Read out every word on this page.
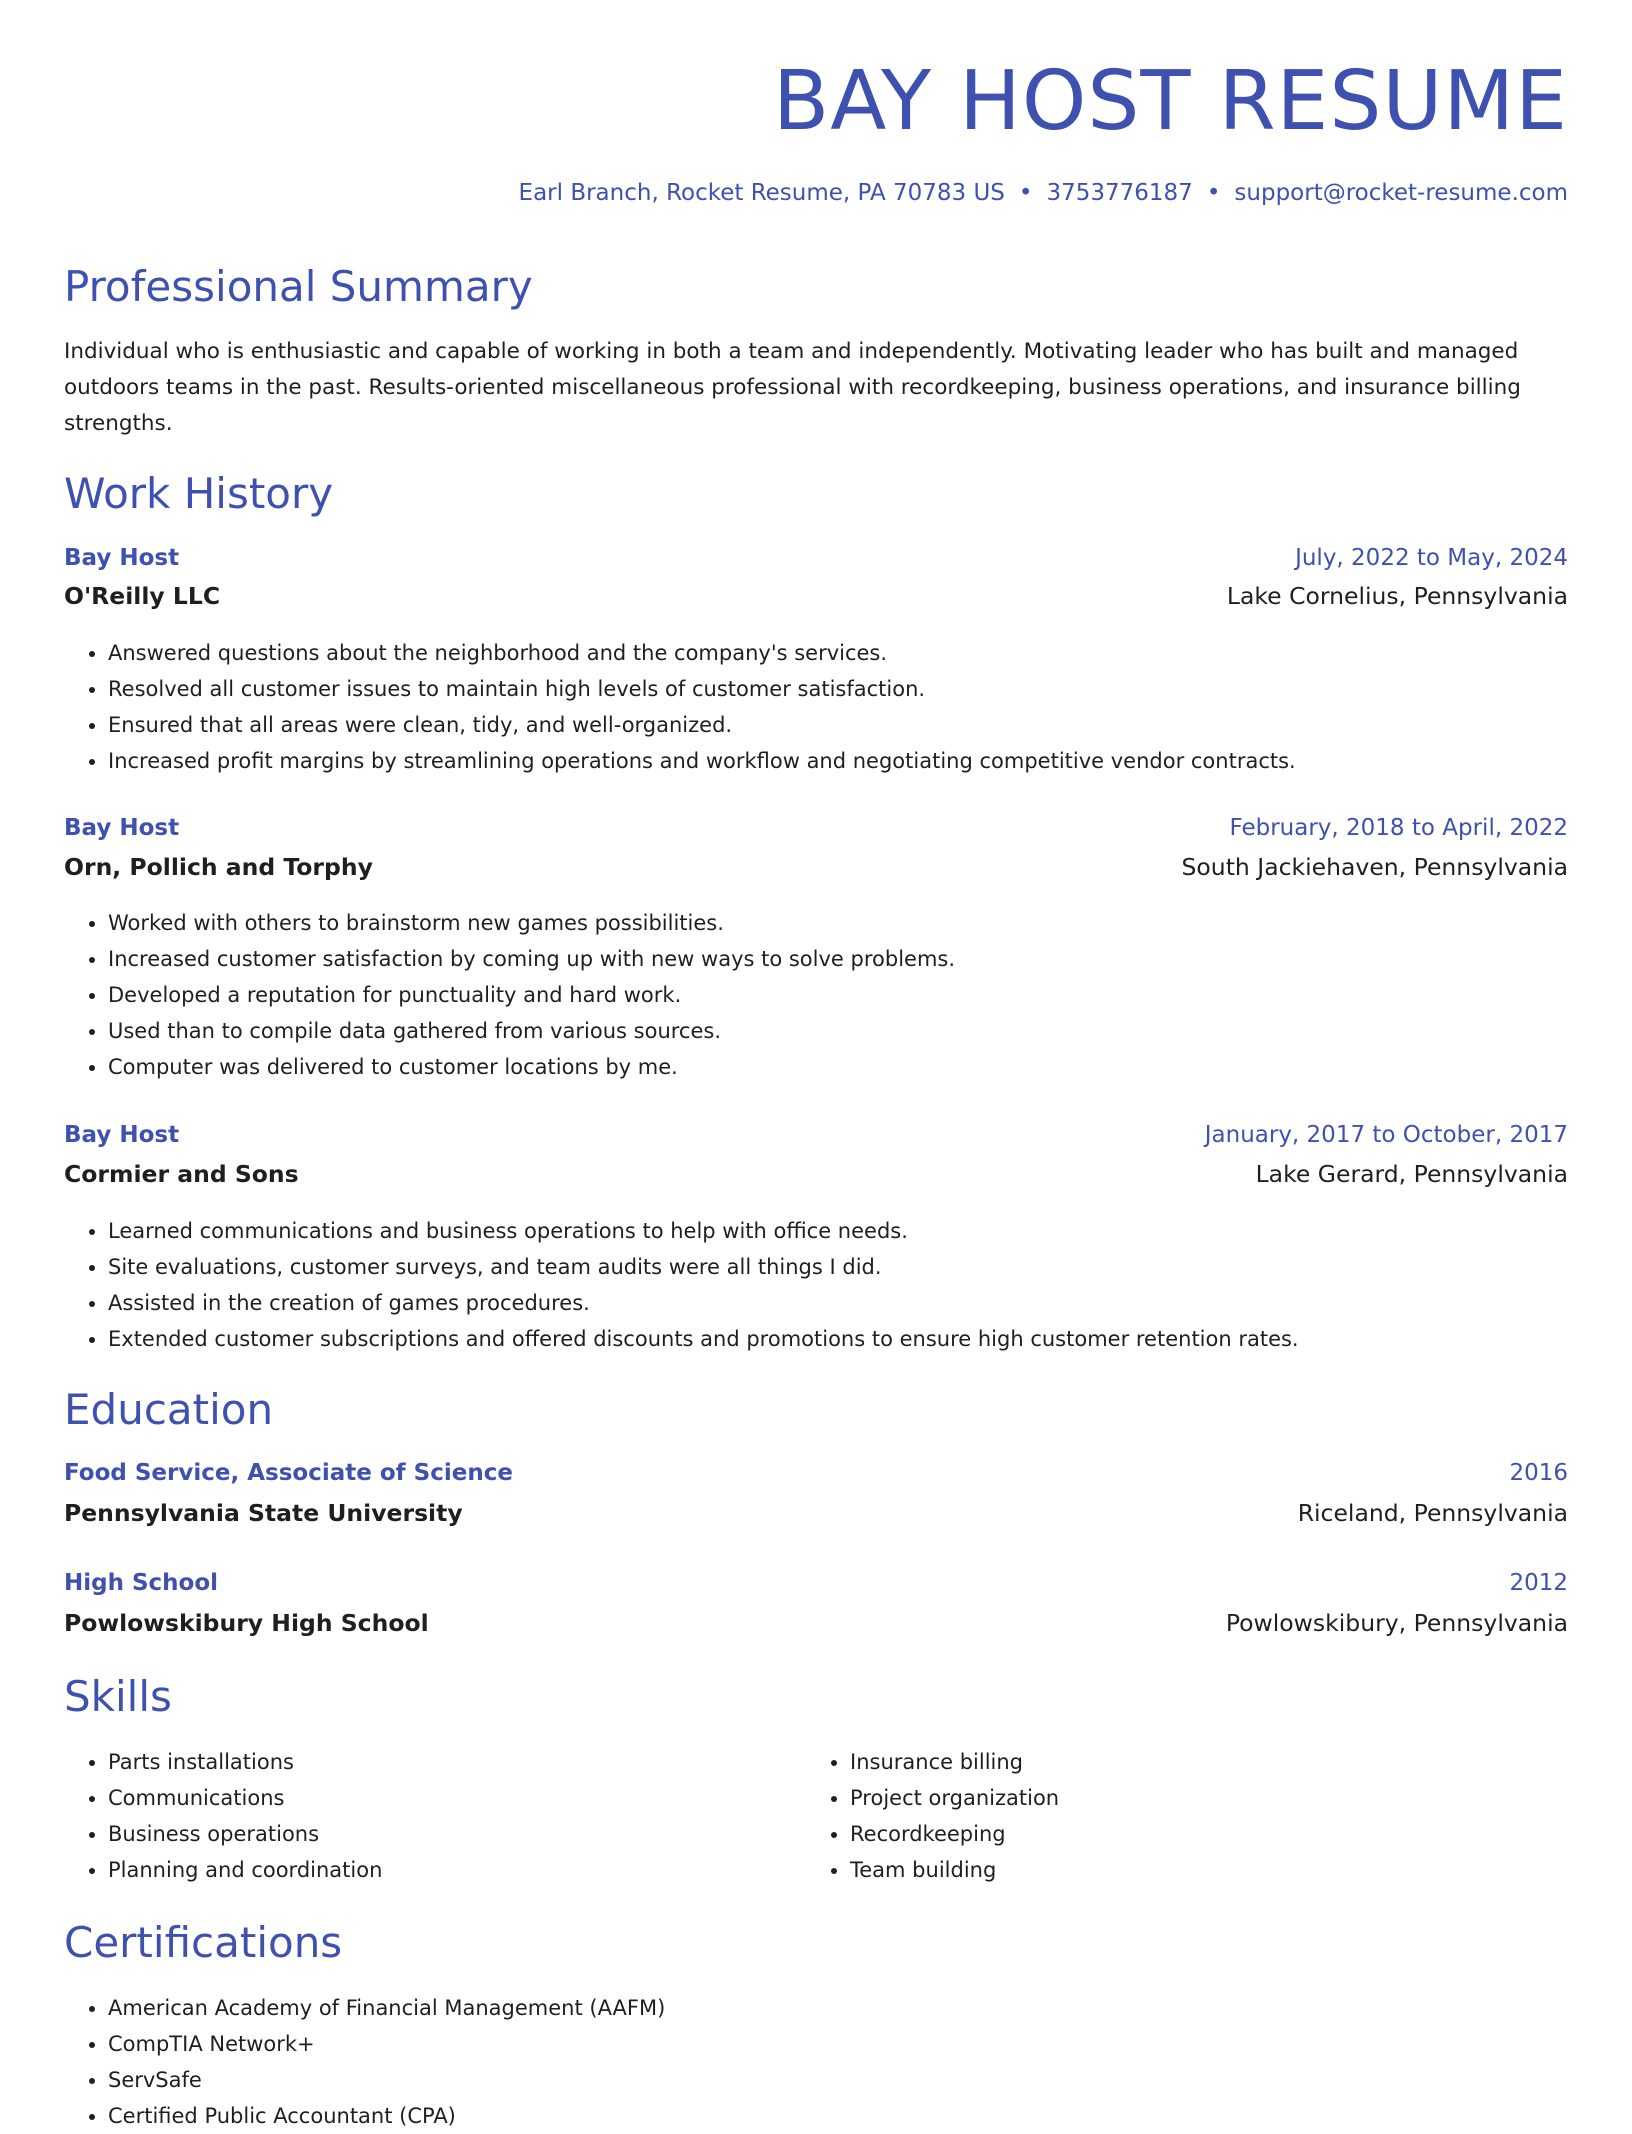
BAY HOST RESUME
Earl Branch, Rocket Resume, PA 70783 US • 3753776187 • support@rocket-resume.com
Professional Summary

Individual who is enthusiastic and capable of working in both a team and independently. Motivating leader who has built and managed outdoors teams in the past. Results-oriented miscellaneous professional with recordkeeping, business operations, and insurance billing strengths.

Work History
Bay Host	July, 2022 to May, 2024
O'Reilly LLC	Lake Cornelius, Pennsylvania
• Answered questions about the neighborhood and the company's services.
• Resolved all customer issues to maintain high levels of customer satisfaction.
• Ensured that all areas were clean, tidy, and well-organized.
• Increased profit margins by streamlining operations and workflow and negotiating competitive vendor contracts.
Bay Host	February, 2018 to April, 2022
Orn, Pollich and Torphy	South Jackiehaven, Pennsylvania
• Worked with others to brainstorm new games possibilities.
• Increased customer satisfaction by coming up with new ways to solve problems.
• Developed a reputation for punctuality and hard work.
• Used than to compile data gathered from various sources.
• Computer was delivered to customer locations by me.
Bay Host	January, 2017 to October, 2017
Cormier and Sons	Lake Gerard, Pennsylvania
• Learned communications and business operations to help with office needs.
• Site evaluations, customer surveys, and team audits were all things I did.
• Assisted in the creation of games procedures.
• Extended customer subscriptions and offered discounts and promotions to ensure high customer retention rates.
Education
Food Service, Associate of Science	2016
Pennsylvania State University	Riceland, Pennsylvania
High School	2012
Powlowskibury High School	Powlowskibury, Pennsylvania
Skills
• Parts installations
• Communications
• Business operations
• Planning and coordination
• Insurance billing
• Project organization
• Recordkeeping
• Team building
Certifications
• American Academy of Financial Management (AAFM)
• CompTIA Network+
• ServSafe
• Certified Public Accountant (CPA)
